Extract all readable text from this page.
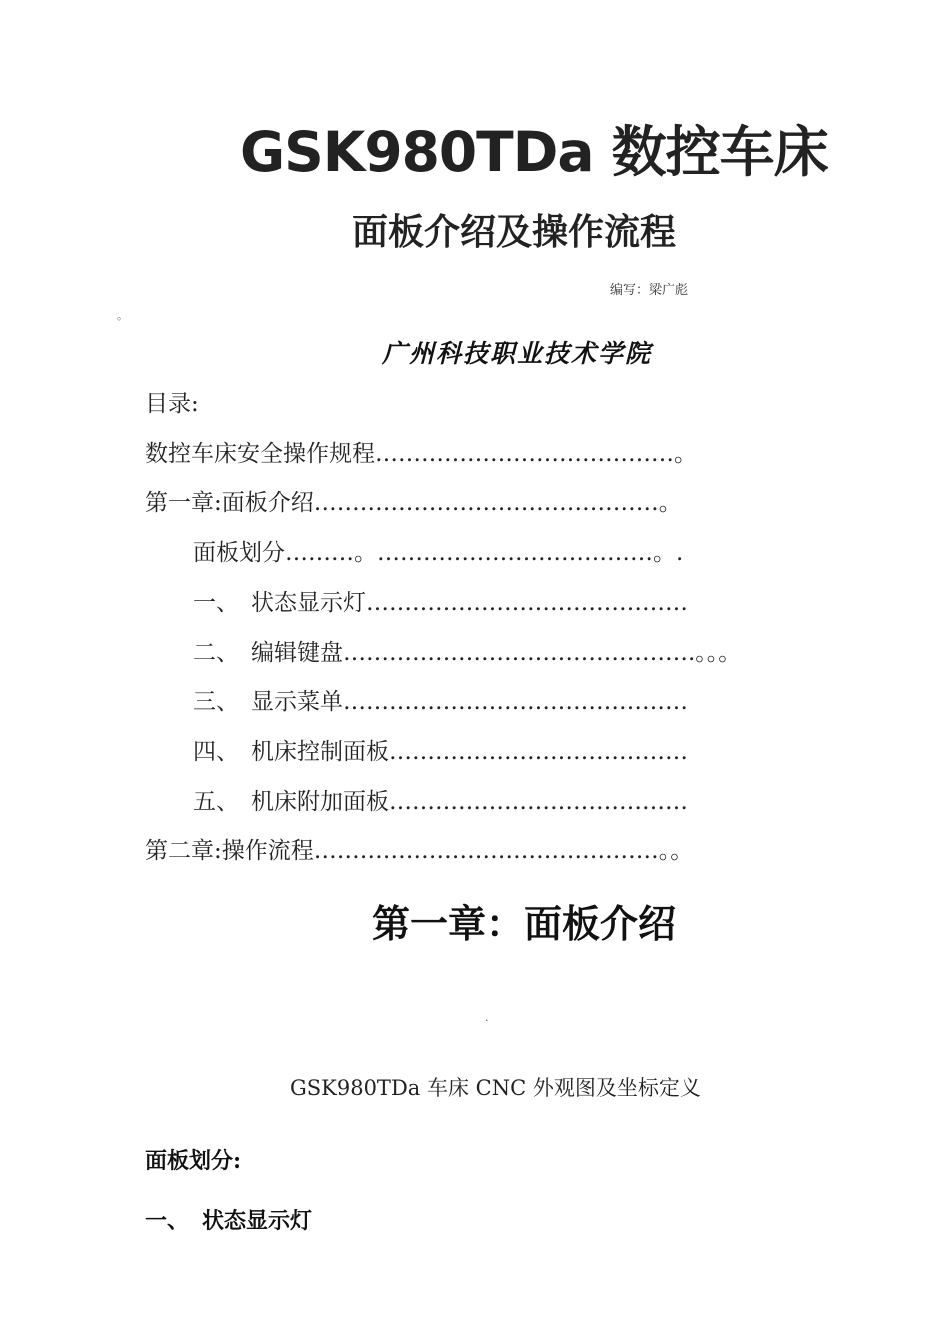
GSK980TDa 数控车床
面板介绍及操作流程
编写：梁广彪
。
广州科技职业技术学院
目录:
数控车床安全操作规程…………………………………。
第一章:面板介绍………………………………………。
面板划分………。………………………………。.
一、 状态显示灯……………………………………
二、 编辑键盘……………………………………….。。。
三、 显示菜单………………………………………
四、 机床控制面板…………………………………
五、 机床附加面板…………………………………
第二章:操作流程………………………………………。。
第一章：面板介绍
·
GSK980TDa 车床 CNC 外观图及坐标定义
面板划分:
一、 状态显示灯
